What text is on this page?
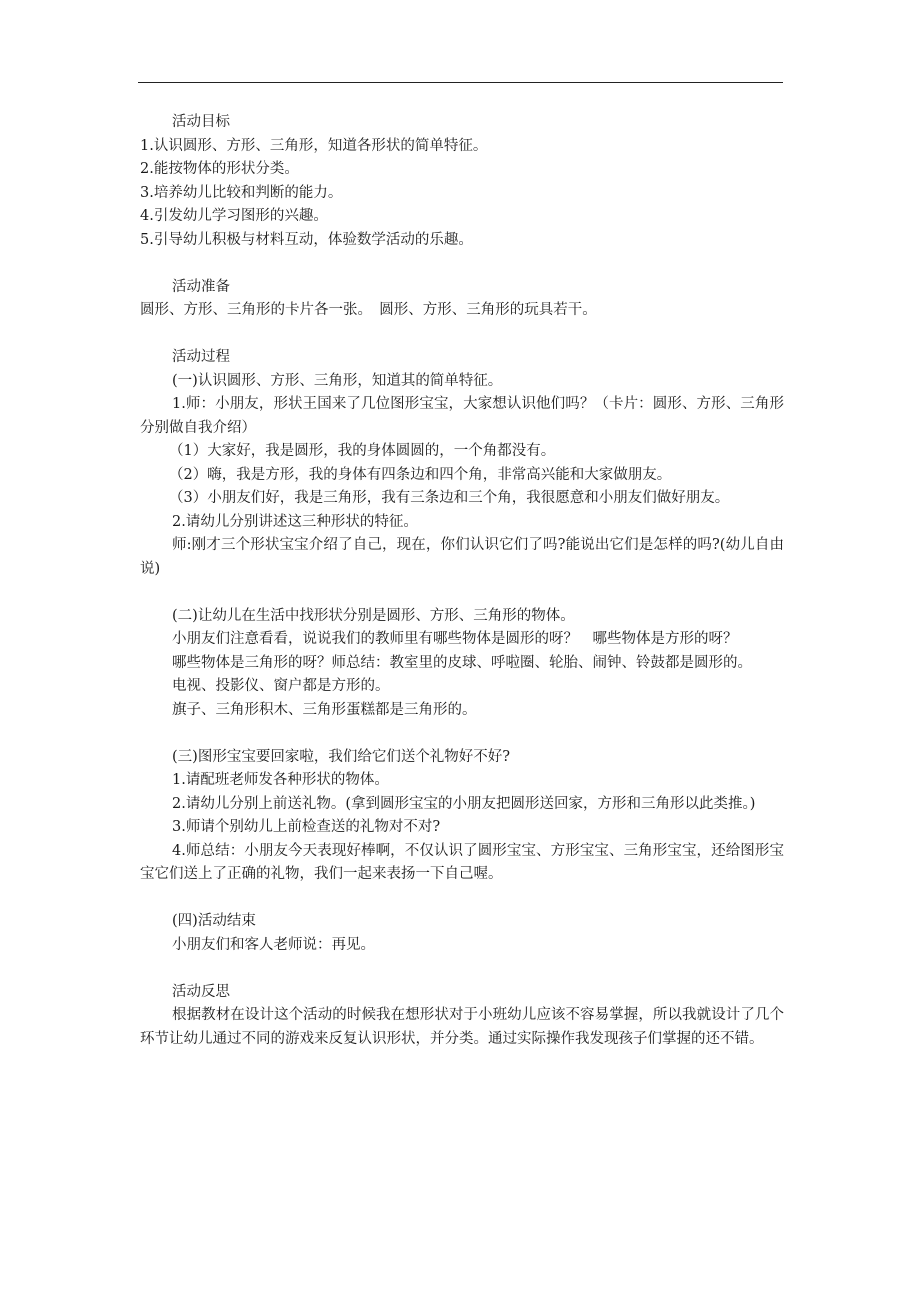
活动目标

1.认识圆形、方形、三角形，知道各形状的简单特征。

2.能按物体的形状分类。

3.培养幼儿比较和判断的能力。

4.引发幼儿学习图形的兴趣。

5.引导幼儿积极与材料互动，体验数学活动的乐趣。

活动准备

圆形、方形、三角形的卡片各一张。　圆形、方形、三角形的玩具若干。

活动过程

(一)认识圆形、方形、三角形，知道其的简单特征。

1.师：小朋友，形状王国来了几位图形宝宝，大家想认识他们吗？（卡片：圆形、方形、三角形分别做自我介绍）

（1）大家好，我是圆形，我的身体圆圆的，一个角都没有。

（2）嗨，我是方形，我的身体有四条边和四个角，非常高兴能和大家做朋友。

（3）小朋友们好，我是三角形，我有三条边和三个角，我很愿意和小朋友们做好朋友。

2.请幼儿分别讲述这三种形状的特征。

师:刚才三个形状宝宝介绍了自己，现在，你们认识它们了吗?能说出它们是怎样的吗?(幼儿自由说)

(二)让幼儿在生活中找形状分别是圆形、方形、三角形的物体。

小朋友们注意看看，说说我们的教师里有哪些物体是圆形的呀？　哪些物体是方形的呀？

哪些物体是三角形的呀？师总结：教室里的皮球、呼啦圈、轮胎、闹钟、铃鼓都是圆形的。

电视、投影仪、窗户都是方形的。

旗子、三角形积木、三角形蛋糕都是三角形的。

(三)图形宝宝要回家啦，我们给它们送个礼物好不好?

1.请配班老师发各种形状的物体。

2.请幼儿分别上前送礼物。(拿到圆形宝宝的小朋友把圆形送回家，方形和三角形以此类推。)

3.师请个别幼儿上前检查送的礼物对不对?

4.师总结：小朋友今天表现好棒啊，不仅认识了圆形宝宝、方形宝宝、三角形宝宝，还给图形宝宝它们送上了正确的礼物，我们一起来表扬一下自己喔。

(四)活动结束

小朋友们和客人老师说：再见。

活动反思

根据教材在设计这个活动的时候我在想形状对于小班幼儿应该不容易掌握，所以我就设计了几个环节让幼儿通过不同的游戏来反复认识形状，并分类。通过实际操作我发现孩子们掌握的还不错。
